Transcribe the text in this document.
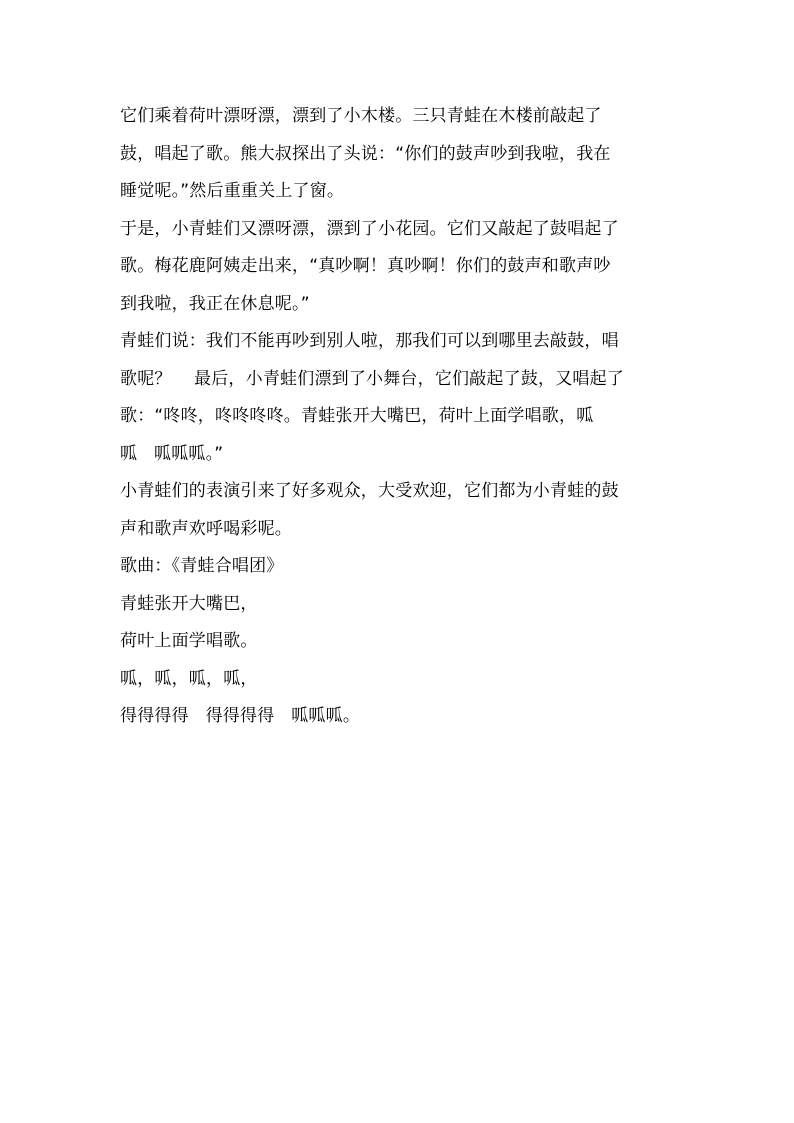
它们乘着荷叶漂呀漂，漂到了小木楼。三只青蛙在木楼前敲起了
鼓，唱起了歌。熊大叔探出了头说：“你们的鼓声吵到我啦，我在
睡觉呢。”然后重重关上了窗。

于是，小青蛙们又漂呀漂，漂到了小花园。它们又敲起了鼓唱起了
歌。梅花鹿阿姨走出来，“真吵啊！真吵啊！你们的鼓声和歌声吵
到我啦，我正在休息呢。”

青蛙们说：我们不能再吵到别人啦，那我们可以到哪里去敲鼓，唱
歌呢？    最后，小青蛙们漂到了小舞台，它们敲起了鼓，又唱起了
歌：“咚咚，咚咚咚咚。青蛙张开大嘴巴，荷叶上面学唱歌，呱
呱   呱呱呱。”

小青蛙们的表演引来了好多观众，大受欢迎，它们都为小青蛙的鼓
声和歌声欢呼喝彩呢。

歌曲：《青蛙合唱团》

青蛙张开大嘴巴，

荷叶上面学唱歌。

呱，呱，呱，呱，

得得得得   得得得得   呱呱呱。
